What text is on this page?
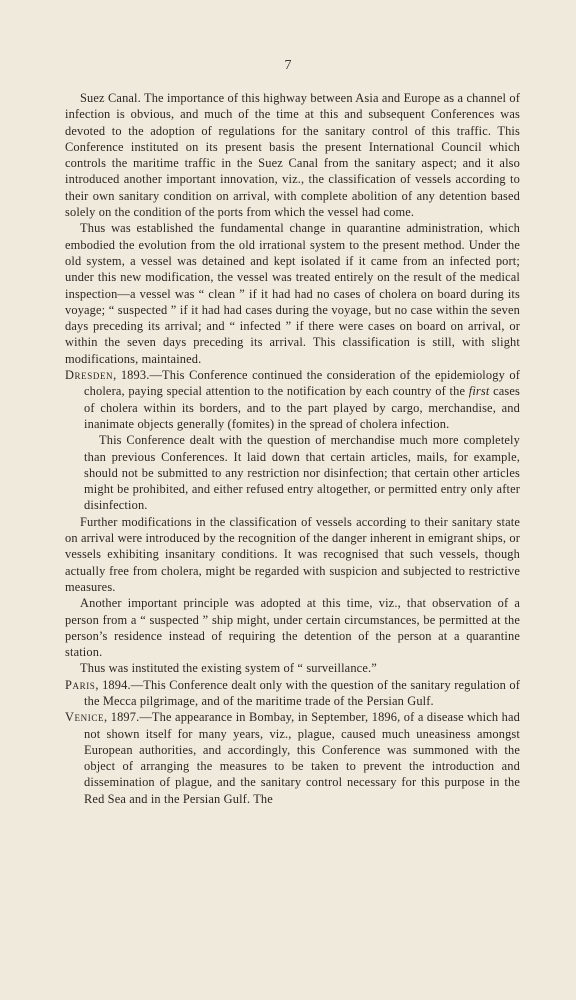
7

Suez Canal. The importance of this highway between Asia and Europe as a channel of infection is obvious, and much of the time at this and subsequent Conferences was devoted to the adoption of regulations for the sanitary control of this traffic. This Conference instituted on its present basis the present International Council which controls the maritime traffic in the Suez Canal from the sanitary aspect; and it also introduced another important innovation, viz., the classification of vessels according to their own sanitary condition on arrival, with complete abolition of any detention based solely on the condition of the ports from which the vessel had come.

Thus was established the fundamental change in quarantine administration, which embodied the evolution from the old irrational system to the present method. Under the old system, a vessel was detained and kept isolated if it came from an infected port; under this new modification, the vessel was treated entirely on the result of the medical inspection—a vessel was “ clean ” if it had had no cases of cholera on board during its voyage; “ suspected ” if it had had cases during the voyage, but no case within the seven days preceding its arrival; and “ infected ” if there were cases on board on arrival, or within the seven days preceding its arrival. This classification is still, with slight modifications, maintained.

Dresden, 1893.—This Conference continued the consideration of the epidemiology of cholera, paying special attention to the notification by each country of the first cases of cholera within its borders, and to the part played by cargo, merchandise, and inanimate objects generally (fomites) in the spread of cholera infection.

This Conference dealt with the question of merchandise much more completely than previous Conferences. It laid down that certain articles, mails, for example, should not be submitted to any restriction nor disinfection; that certain other articles might be prohibited, and either refused entry altogether, or permitted entry only after disinfection.

Further modifications in the classification of vessels according to their sanitary state on arrival were introduced by the recognition of the danger inherent in emigrant ships, or vessels exhibiting insanitary conditions. It was recognised that such vessels, though actually free from cholera, might be regarded with suspicion and subjected to restrictive measures.

Another important principle was adopted at this time, viz., that observation of a person from a “ suspected ” ship might, under certain circumstances, be permitted at the person’s residence instead of requiring the detention of the person at a quarantine station.

Thus was instituted the existing system of “ surveillance.”

Paris, 1894.—This Conference dealt only with the question of the sanitary regulation of the Mecca pilgrimage, and of the maritime trade of the Persian Gulf.

Venice, 1897.—The appearance in Bombay, in September, 1896, of a disease which had not shown itself for many years, viz., plague, caused much uneasiness amongst European authorities, and accordingly, this Conference was summoned with the object of arranging the measures to be taken to prevent the introduction and dissemination of plague, and the sanitary control necessary for this purpose in the Red Sea and in the Persian Gulf. The
